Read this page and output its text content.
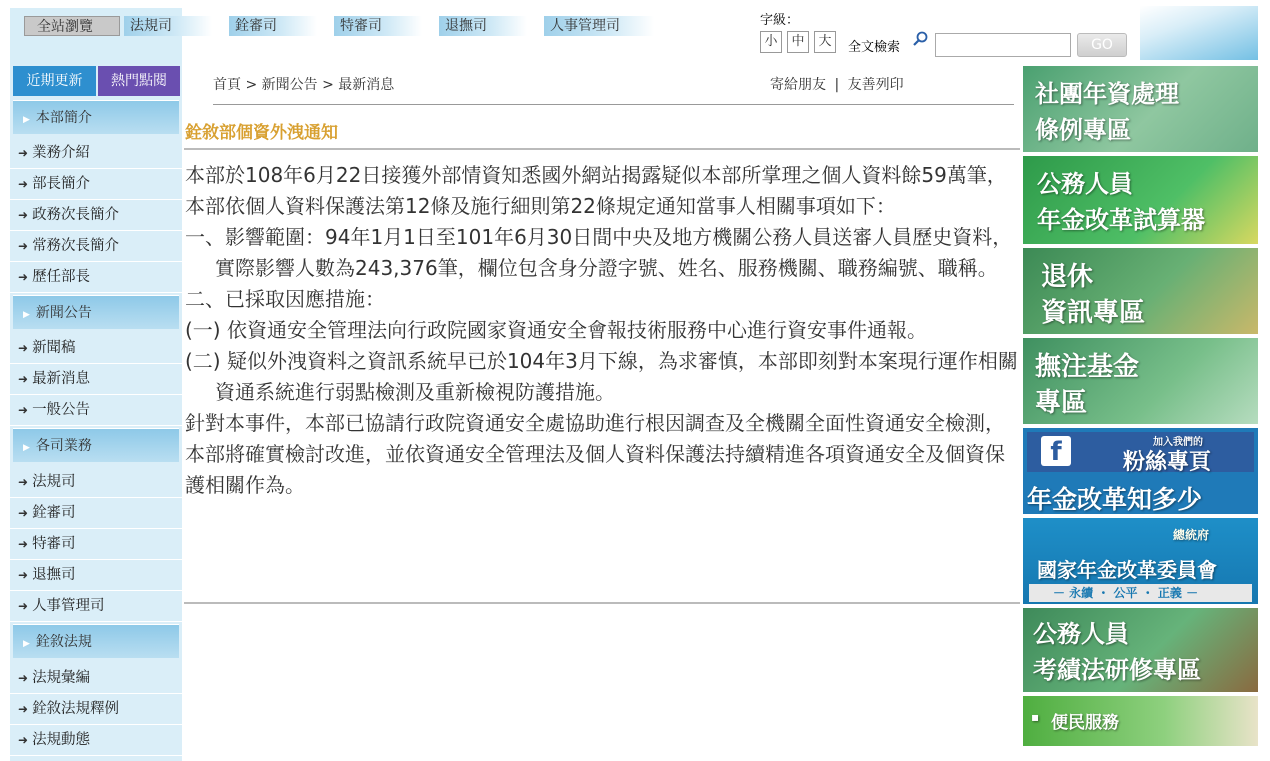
全站瀏覽	法規司	銓審司	特審司	退撫司	人事管理司	字級：
小	中	大	全文檢索	GO
近期更新	熱門點閱
▶ 本部簡介
➜ 業務介紹
➜ 部長簡介
➜ 政務次長簡介
➜ 常務次長簡介
➜ 歷任部長
▶ 新聞公告
➜ 新聞稿
➜ 最新消息
➜ 一般公告
▶ 各司業務
➜ 法規司
➜ 銓審司
➜ 特審司
➜ 退撫司
➜ 人事管理司
▶ 銓敘法規
➜ 法規彙編
➜ 銓敘法規釋例
➜ 法規動態
首頁 > 新聞公告 > 最新消息	寄給朋友 | 友善列印
銓敘部個資外洩通知

本部於108年6月22日接獲外部情資知悉國外網站揭露疑似本部所掌理之個人資料餘59萬筆，本部依個人資料保護法第12條及施行細則第22條規定通知當事人相關事項如下：

一、影響範圍：94年1月1日至101年6月30日間中央及地方機關公務人員送審人員歷史資料，實際影響人數為243,376筆，欄位包含身分證字號、姓名、服務機關、職務編號、職稱。

二、已採取因應措施：

(一) 依資通安全管理法向行政院國家資通安全會報技術服務中心進行資安事件通報。

(二) 疑似外洩資料之資訊系統早已於104年3月下線，為求審慎，本部即刻對本案現行運作相關資通系統進行弱點檢測及重新檢視防護措施。

針對本事件，本部已協請行政院資通安全處協助進行根因調查及全機關全面性資通安全檢測，本部將確實檢討改進，並依資通安全管理法及個人資料保護法持續精進各項資通安全及個資保護相關作為。

社團年資處理
條例專區
公務人員
年金改革試算器
退休
資訊專區
撫注基金
專區
f	加入我們的
粉絲專頁
年金改革知多少
總統府
國家年金改革委員會
－ 永續 ・ 公平 ・ 正義 －
公務人員
考績法研修專區
▪ 便民服務
